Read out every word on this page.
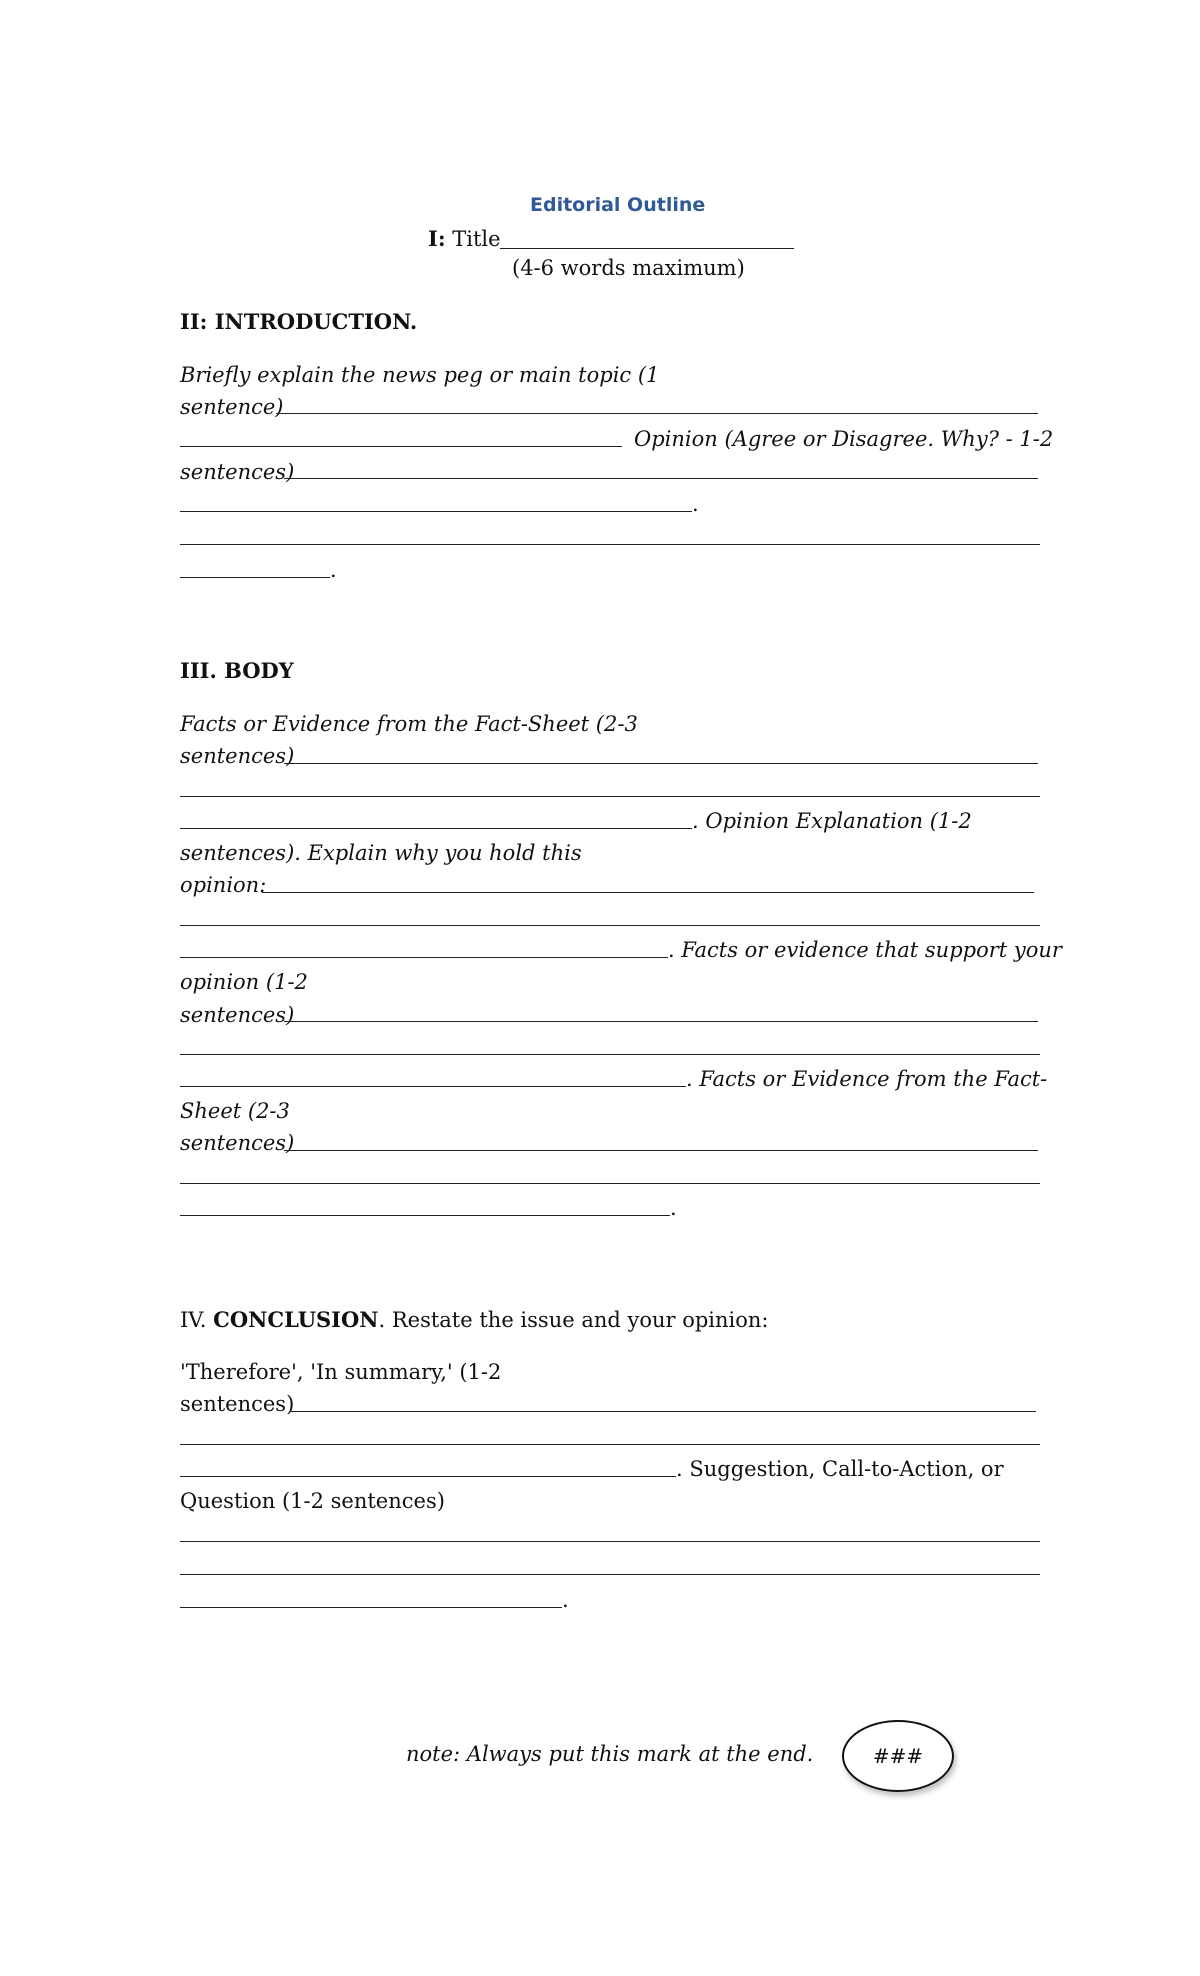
Editorial Outline
I: Title
(4-6 words maximum)
II: INTRODUCTION.
Briefly explain the news peg or main topic (1
sentence)
Opinion (Agree or Disagree. Why? - 1-2
sentences)
.
.
III. BODY
Facts or Evidence from the Fact-Sheet (2-3
sentences)
. Opinion Explanation (1-2
sentences). Explain why you hold this
opinion:
. Facts or evidence that support your
opinion (1-2
sentences)
. Facts or Evidence from the Fact-
Sheet (2-3
sentences)
.
IV. CONCLUSION. Restate the issue and your opinion:
'Therefore', 'In summary,' (1-2
sentences)
. Suggestion, Call-to-Action, or
Question (1-2 sentences)
.
note: Always put this mark at the end.	###
